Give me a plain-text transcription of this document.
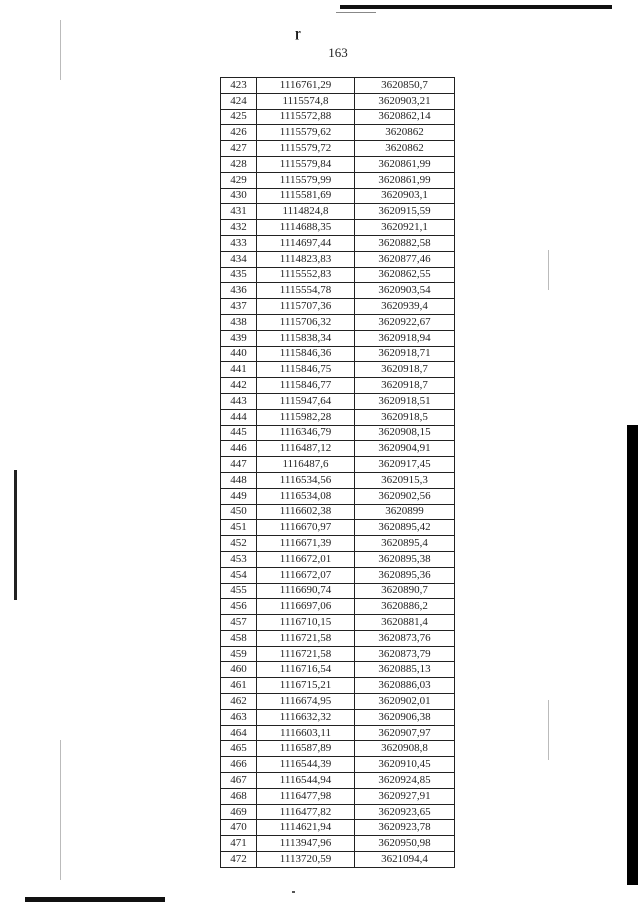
ɼ
163
423	1116761,29	3620850,7
424	1115574,8	3620903,21
425	1115572,88	3620862,14
426	1115579,62	3620862
427	1115579,72	3620862
428	1115579,84	3620861,99
429	1115579,99	3620861,99
430	1115581,69	3620903,1
431	1114824,8	3620915,59
432	1114688,35	3620921,1
433	1114697,44	3620882,58
434	1114823,83	3620877,46
435	1115552,83	3620862,55
436	1115554,78	3620903,54
437	1115707,36	3620939,4
438	1115706,32	3620922,67
439	1115838,34	3620918,94
440	1115846,36	3620918,71
441	1115846,75	3620918,7
442	1115846,77	3620918,7
443	1115947,64	3620918,51
444	1115982,28	3620918,5
445	1116346,79	3620908,15
446	1116487,12	3620904,91
447	1116487,6	3620917,45
448	1116534,56	3620915,3
449	1116534,08	3620902,56
450	1116602,38	3620899
451	1116670,97	3620895,42
452	1116671,39	3620895,4
453	1116672,01	3620895,38
454	1116672,07	3620895,36
455	1116690,74	3620890,7
456	1116697,06	3620886,2
457	1116710,15	3620881,4
458	1116721,58	3620873,76
459	1116721,58	3620873,79
460	1116716,54	3620885,13
461	1116715,21	3620886,03
462	1116674,95	3620902,01
463	1116632,32	3620906,38
464	1116603,11	3620907,97
465	1116587,89	3620908,8
466	1116544,39	3620910,45
467	1116544,94	3620924,85
468	1116477,98	3620927,91
469	1116477,82	3620923,65
470	1114621,94	3620923,78
471	1113947,96	3620950,98
472	1113720,59	3621094,4
